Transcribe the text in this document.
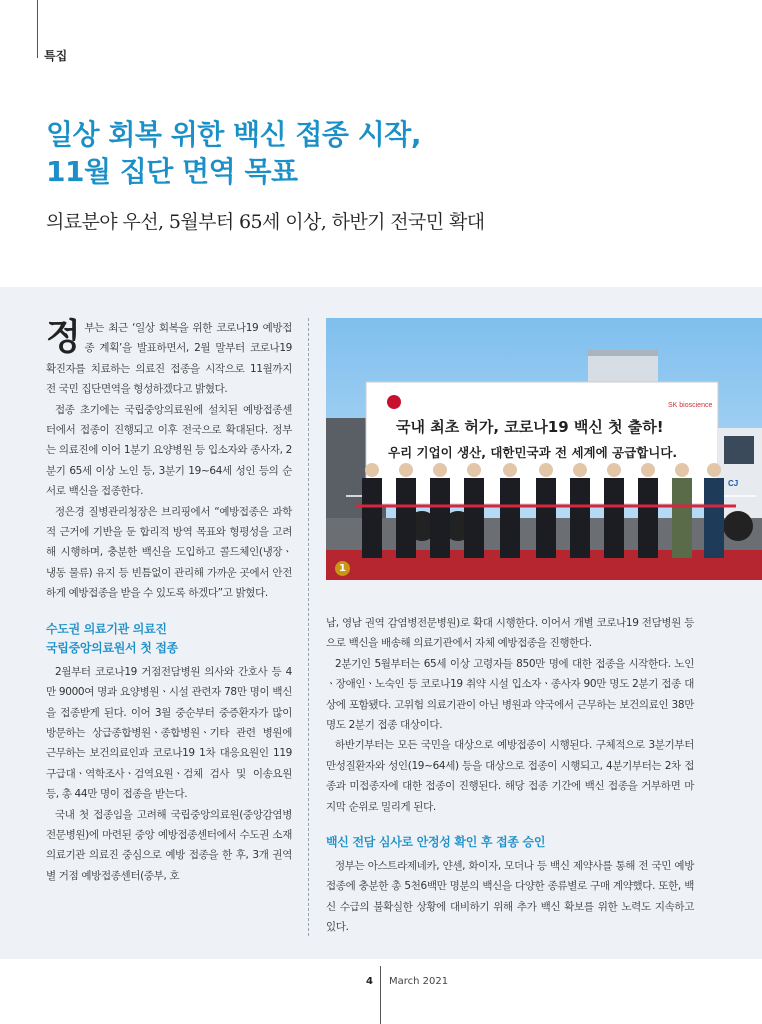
특집
일상 회복 위한 백신 접종 시작,
11월 집단 면역 목표
의료분야 우선, 5월부터 65세 이상, 하반기 전국민 확대

정부는 최근 ‘일상 회복을 위한 코로나19 예방접종 계획’을 발표하면서, 2월 말부터 코로나19 확진자를 치료하는 의료진 접종을 시작으로 11월까지 전 국민 집단면역을 형성하겠다고 밝혔다.

접종 초기에는 국립중앙의료원에 설치된 예방접종센터에서 접종이 진행되고 이후 전국으로 확대된다. 정부는 의료진에 이어 1분기 요양병원 등 입소자와 종사자, 2분기 65세 이상 노인 등, 3분기 19~64세 성인 등의 순서로 백신을 접종한다.

정은경 질병관리청장은 브리핑에서 “예방접종은 과학적 근거에 기반을 둔 합리적 방역 목표와 형평성을 고려해 시행하며, 충분한 백신을 도입하고 콜드체인(냉장ㆍ냉동 물류) 유지 등 빈틈없이 관리해 가까운 곳에서 안전하게 예방접종을 받을 수 있도록 하겠다”고 밝혔다.

수도권 의료기관 의료진
국립중앙의료원서 첫 접종

2월부터 코로나19 거점전담병원 의사와 간호사 등 4만 9000여 명과 요양병원ㆍ시설 관련자 78만 명이 백신을 접종받게 된다. 이어 3월 중순부터 중증환자가 많이 방문하는 상급종합병원ㆍ종합병원ㆍ기타 관련 병원에 근무하는 보건의료인과 코로나19 1차 대응요원인 119 구급대ㆍ역학조사ㆍ검역요원ㆍ검체 검사 및 이송요원 등, 총 44만 명이 접종을 받는다.

국내 첫 접종임을 고려해 국립중앙의료원(중앙감염병전문병원)에 마련된 중앙 예방접종센터에서 수도권 소재 의료기관 의료진 중심으로 예방 접종을 한 후, 3개 권역별 거점 예방접종센터(중부, 호

SK bioscience
국내 최초 허가, 코로나19 백신 첫 출하!
우리 기업이 생산, 대한민국과 전 세계에 공급합니다.
CJ
1

남, 영남 권역 감염병전문병원)로 확대 시행한다. 이어서 개별 코로나19 전담병원 등으로 백신을 배송해 의료기관에서 자체 예방접종을 진행한다.

2분기인 5월부터는 65세 이상 고령자들 850만 명에 대한 접종을 시작한다. 노인ㆍ장애인ㆍ노숙인 등 코로나19 취약 시설 입소자ㆍ종사자 90만 명도 2분기 접종 대상에 포함됐다. 고위험 의료기관이 아닌 병원과 약국에서 근무하는 보건의료인 38만 명도 2분기 접종 대상이다.

하반기부터는 모든 국민을 대상으로 예방접종이 시행된다. 구체적으로 3분기부터 만성질환자와 성인(19~64세) 등을 대상으로 접종이 시행되고, 4분기부터는 2차 접종과 미접종자에 대한 접종이 진행된다. 해당 접종 기간에 백신 접종을 거부하면 마지막 순위로 밀리게 된다.

백신 전담 심사로 안정성 확인 후 접종 승인

정부는 아스트라제네카, 얀센, 화이자, 모더나 등 백신 제약사를 통해 전 국민 예방접종에 충분한 총 5천6백만 명분의 백신을 다양한 종류별로 구매 계약했다. 또한, 백신 수급의 불확실한 상황에 대비하기 위해 추가 백신 확보를 위한 노력도 지속하고 있다.

4 March 2021
